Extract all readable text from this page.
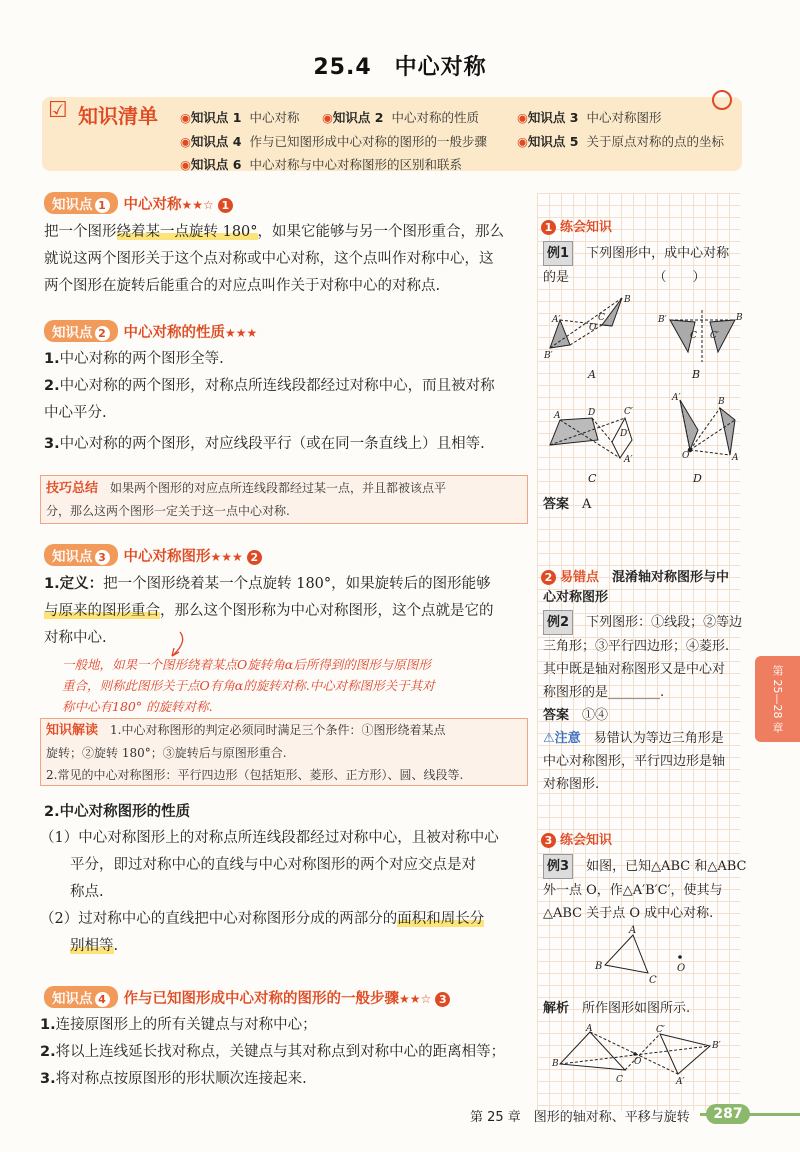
25.4　中心对称
☑ 知识清单 ◉知识点 1 中心对称 ◉知识点 2 中心对称的性质	◉知识点 3 中心对称图形
◉知识点 4 作与已知图形成中心对称的图形的一般步骤 ◉知识点 5 关于原点对称的点的坐标
◉知识点 6 中心对称与中心对称图形的区别和联系
知识点 1 中心对称★★☆ 1
把一个图形绕着某一点旋转 180°，如果它能够与另一个图形重合，那么
就说这两个图形关于这个点对称或中心对称，这个点叫作对称中心，这
两个图形在旋转后能重合的对应点叫作关于对称中心的对称点.
知识点 2 中心对称的性质★★★
1.中心对称的两个图形全等.
2.中心对称的两个图形，对称点所连线段都经过对称中心，而且被对称
中心平分.
3.中心对称的两个图形，对应线段平行（或在同一条直线上）且相等.
技巧总结　 如果两个图形的对应点所连线段都经过某一点，并且都被该点平
分，那么这两个图形一定关于这一点中心对称.
知识点 3 中心对称图形★★★ 2
1.定义：把一个图形绕着某一个点旋转 180°，如果旋转后的图形能够
与原来的图形重合，那么这个图形称为中心对称图形，这个点就是它的
对称中心.
一般地，如果一个图形绕着某点O旋转角α后所得到的图形与原图形
重合，则称此图形关于点O有角α的旋转对称.中心对称图形关于其对
称中心有180° 的旋转对称.
知识解读　 1.中心对称图形的判定必须同时满足三个条件：①图形绕着某点
旋转；②旋转 180°；③旋转后与原图形重合.
2.常见的中心对称图形：平行四边形（包括矩形、菱形、正方形）、圆、线段等.
2.中心对称图形的性质
（1）中心对称图形上的对称点所连线段都经过对称中心，且被对称中心
平分，即过对称中心的直线与中心对称图形的两个对应交点是对
称点.
（2）过对称中心的直线把中心对称图形分成的两部分的面积和周长分
别相等.
知识点 4 作与已知图形成中心对称的图形的一般步骤★★☆ 3
1.连接原图形上的所有关键点与对称中心；
2.将以上连线延长找对称点，关键点与其对称点到对称中心的距离相等；
3.将对称点按原图形的形状顺次连接起来.
1 练会知识
例1　 下列图形中，成中心对称
的是　　　　　　　	（　　）
A′
B
B′
O
C
A
B′	B
C C′
B
A	D	C′
D′
A′
C
A′	B
O	A
D
答案　 A
2 易错点　 混淆轴对称图形与中
心对称图形
例2　 下列图形：①线段；②等边
三角形；③平行四边形；④菱形.
其中既是轴对称图形又是中心对
称图形的是________.
答案　 ①④
⚠注意　 易错认为等边三角形是
中心对称图形，平行四边形是轴
对称图形.
3 练会知识
例3　 如图，已知△ABC 和△ABC
外一点 O，作△A′B′C′，使其与
△ABC 关于点 O 成中心对称.
A
B
C
O
解析　 所作图形如图所示.
A
B
C
O
C′
B′
A′
第 25—28 章
第 25 章　图形的轴对称、平移与旋转	287
